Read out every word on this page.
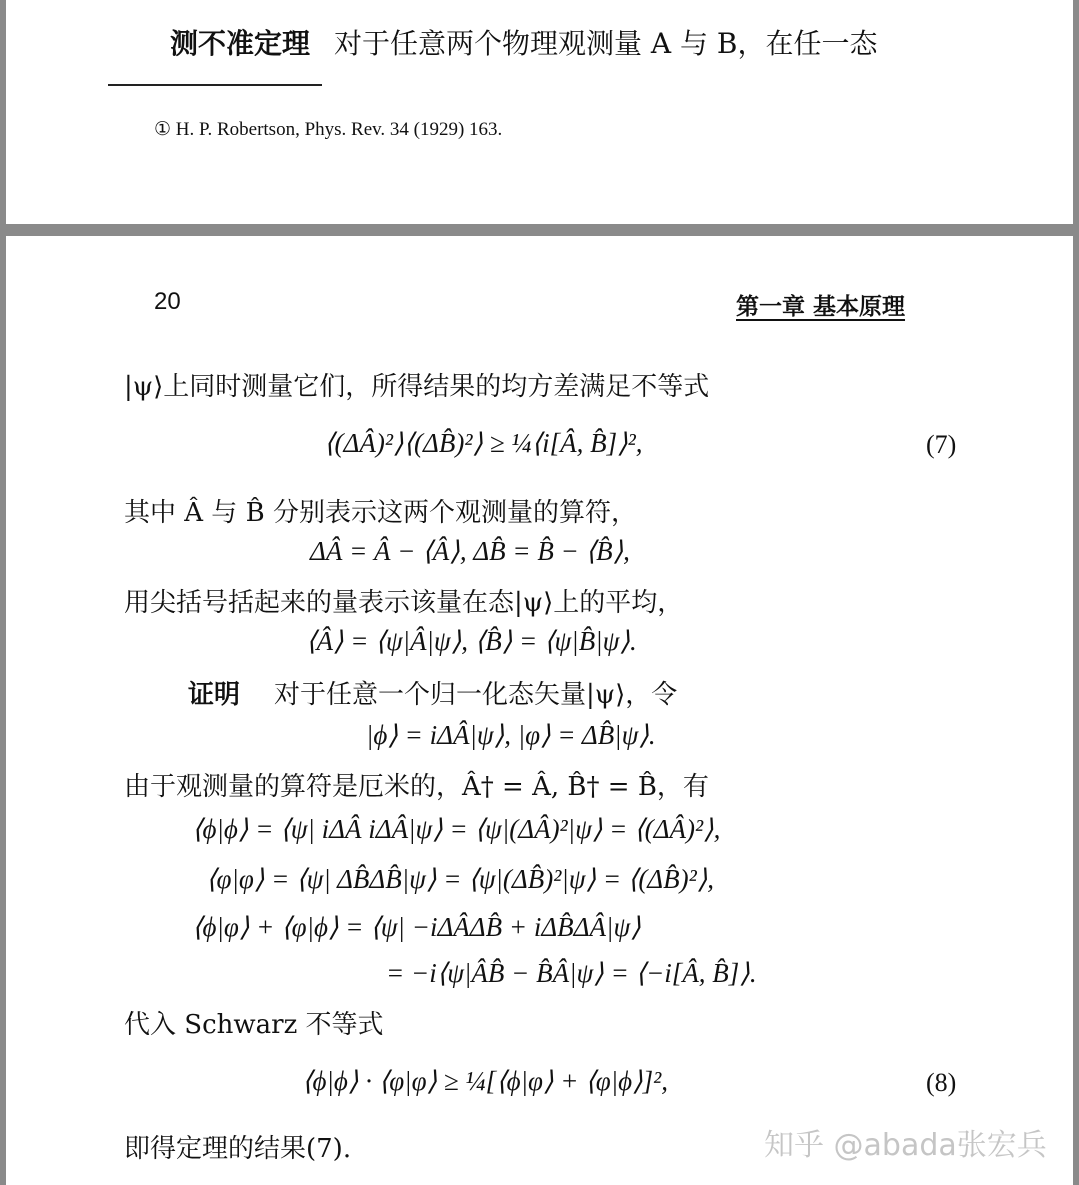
测不准定理 对于任意两个物理观测量 A 与 B，在任一态
① H. P. Robertson, Phys. Rev. 34 (1929) 163.
20	第一章 基本原理
|ψ⟩上同时测量它们，所得结果的均方差满足不等式
⟨(ΔÂ)²⟩⟨(ΔB̂)²⟩ ≥ ¼⟨i[Â, B̂]⟩²,	(7)
其中 Â 与 B̂ 分别表示这两个观测量的算符，
ΔÂ = Â − ⟨Â⟩, ΔB̂ = B̂ − ⟨B̂⟩,
用尖括号括起来的量表示该量在态|ψ⟩上的平均，
⟨Â⟩ = ⟨ψ|Â|ψ⟩, ⟨B̂⟩ = ⟨ψ|B̂|ψ⟩.
证明 对于任意一个归一化态矢量|ψ⟩，令
|ϕ⟩ = iΔÂ|ψ⟩, |φ⟩ = ΔB̂|ψ⟩.
由于观测量的算符是厄米的，Â† = Â, B̂† = B̂，有
⟨ϕ|ϕ⟩ = ⟨ψ| iΔÂ iΔÂ|ψ⟩ = ⟨ψ|(ΔÂ)²|ψ⟩ = ⟨(ΔÂ)²⟩,
⟨φ|φ⟩ = ⟨ψ| ΔB̂ΔB̂|ψ⟩ = ⟨ψ|(ΔB̂)²|ψ⟩ = ⟨(ΔB̂)²⟩,
⟨ϕ|φ⟩ + ⟨φ|ϕ⟩ = ⟨ψ| −iΔÂΔB̂ + iΔB̂ΔÂ|ψ⟩
= −i⟨ψ|ÂB̂ − B̂Â|ψ⟩ = ⟨−i[Â, B̂]⟩.
代入 Schwarz 不等式
⟨ϕ|ϕ⟩ · ⟨φ|φ⟩ ≥ ¼[⟨ϕ|φ⟩ + ⟨φ|ϕ⟩]²,	(8)
即得定理的结果(7).	知乎 @abada张宏兵
